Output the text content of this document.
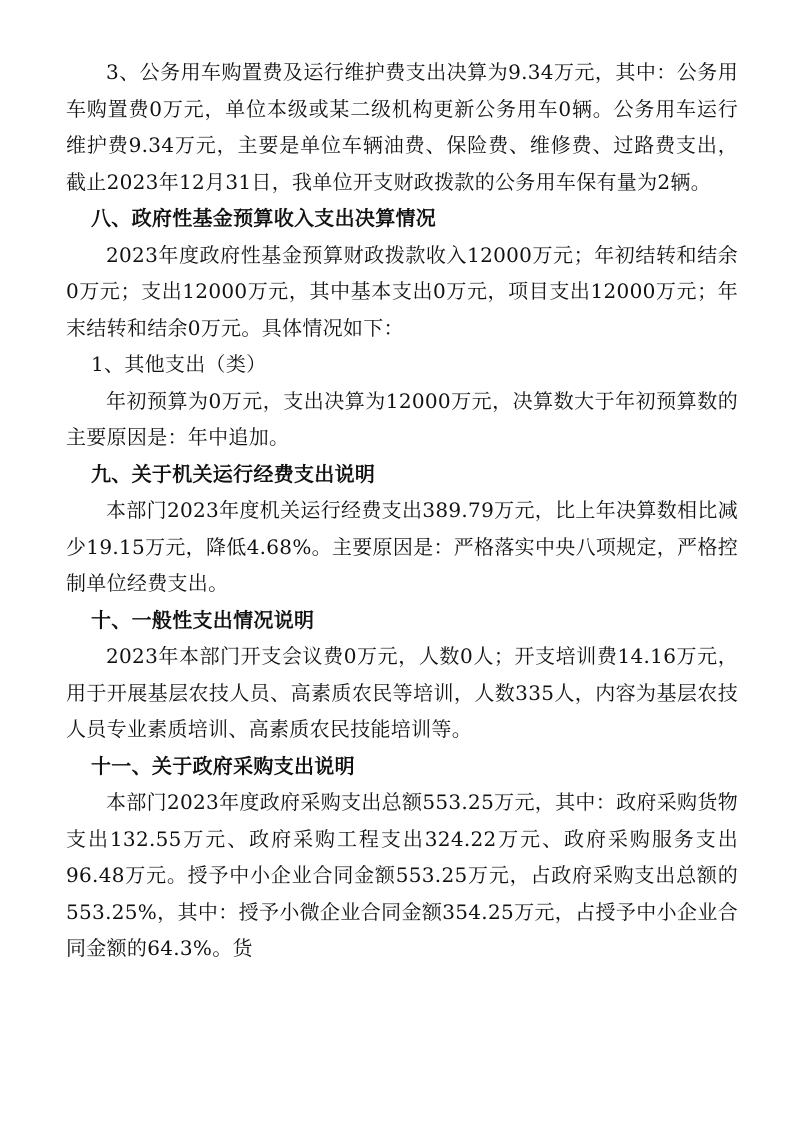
3、公务用车购置费及运行维护费支出决算为9.34万元，其中：公务用车购置费0万元，单位本级或某二级机构更新公务用车0辆。公务用车运行维护费9.34万元，主要是单位车辆油费、保险费、维修费、过路费支出，截止2023年12月31日，我单位开支财政拨款的公务用车保有量为2辆。

八、政府性基金预算收入支出决算情况

2023年度政府性基金预算财政拨款收入12000万元；年初结转和结余0万元；支出12000万元，其中基本支出0万元，项目支出12000万元；年末结转和结余0万元。具体情况如下：

1、其他支出（类）

年初预算为0万元，支出决算为12000万元，决算数大于年初预算数的主要原因是：年中追加。

九、关于机关运行经费支出说明

本部门2023年度机关运行经费支出389.79万元，比上年决算数相比减少19.15万元，降低4.68%。主要原因是：严格落实中央八项规定，严格控制单位经费支出。

十、一般性支出情况说明

2023年本部门开支会议费0万元，人数0人；开支培训费14.16万元，用于开展基层农技人员、高素质农民等培训，人数335人，内容为基层农技人员专业素质培训、高素质农民技能培训等。

十一、关于政府采购支出说明

本部门2023年度政府采购支出总额553.25万元，其中：政府采购货物支出132.55万元、政府采购工程支出324.22万元、政府采购服务支出96.48万元。授予中小企业合同金额553.25万元，占政府采购支出总额的553.25%，其中：授予小微企业合同金额354.25万元，占授予中小企业合同金额的64.3%。货
